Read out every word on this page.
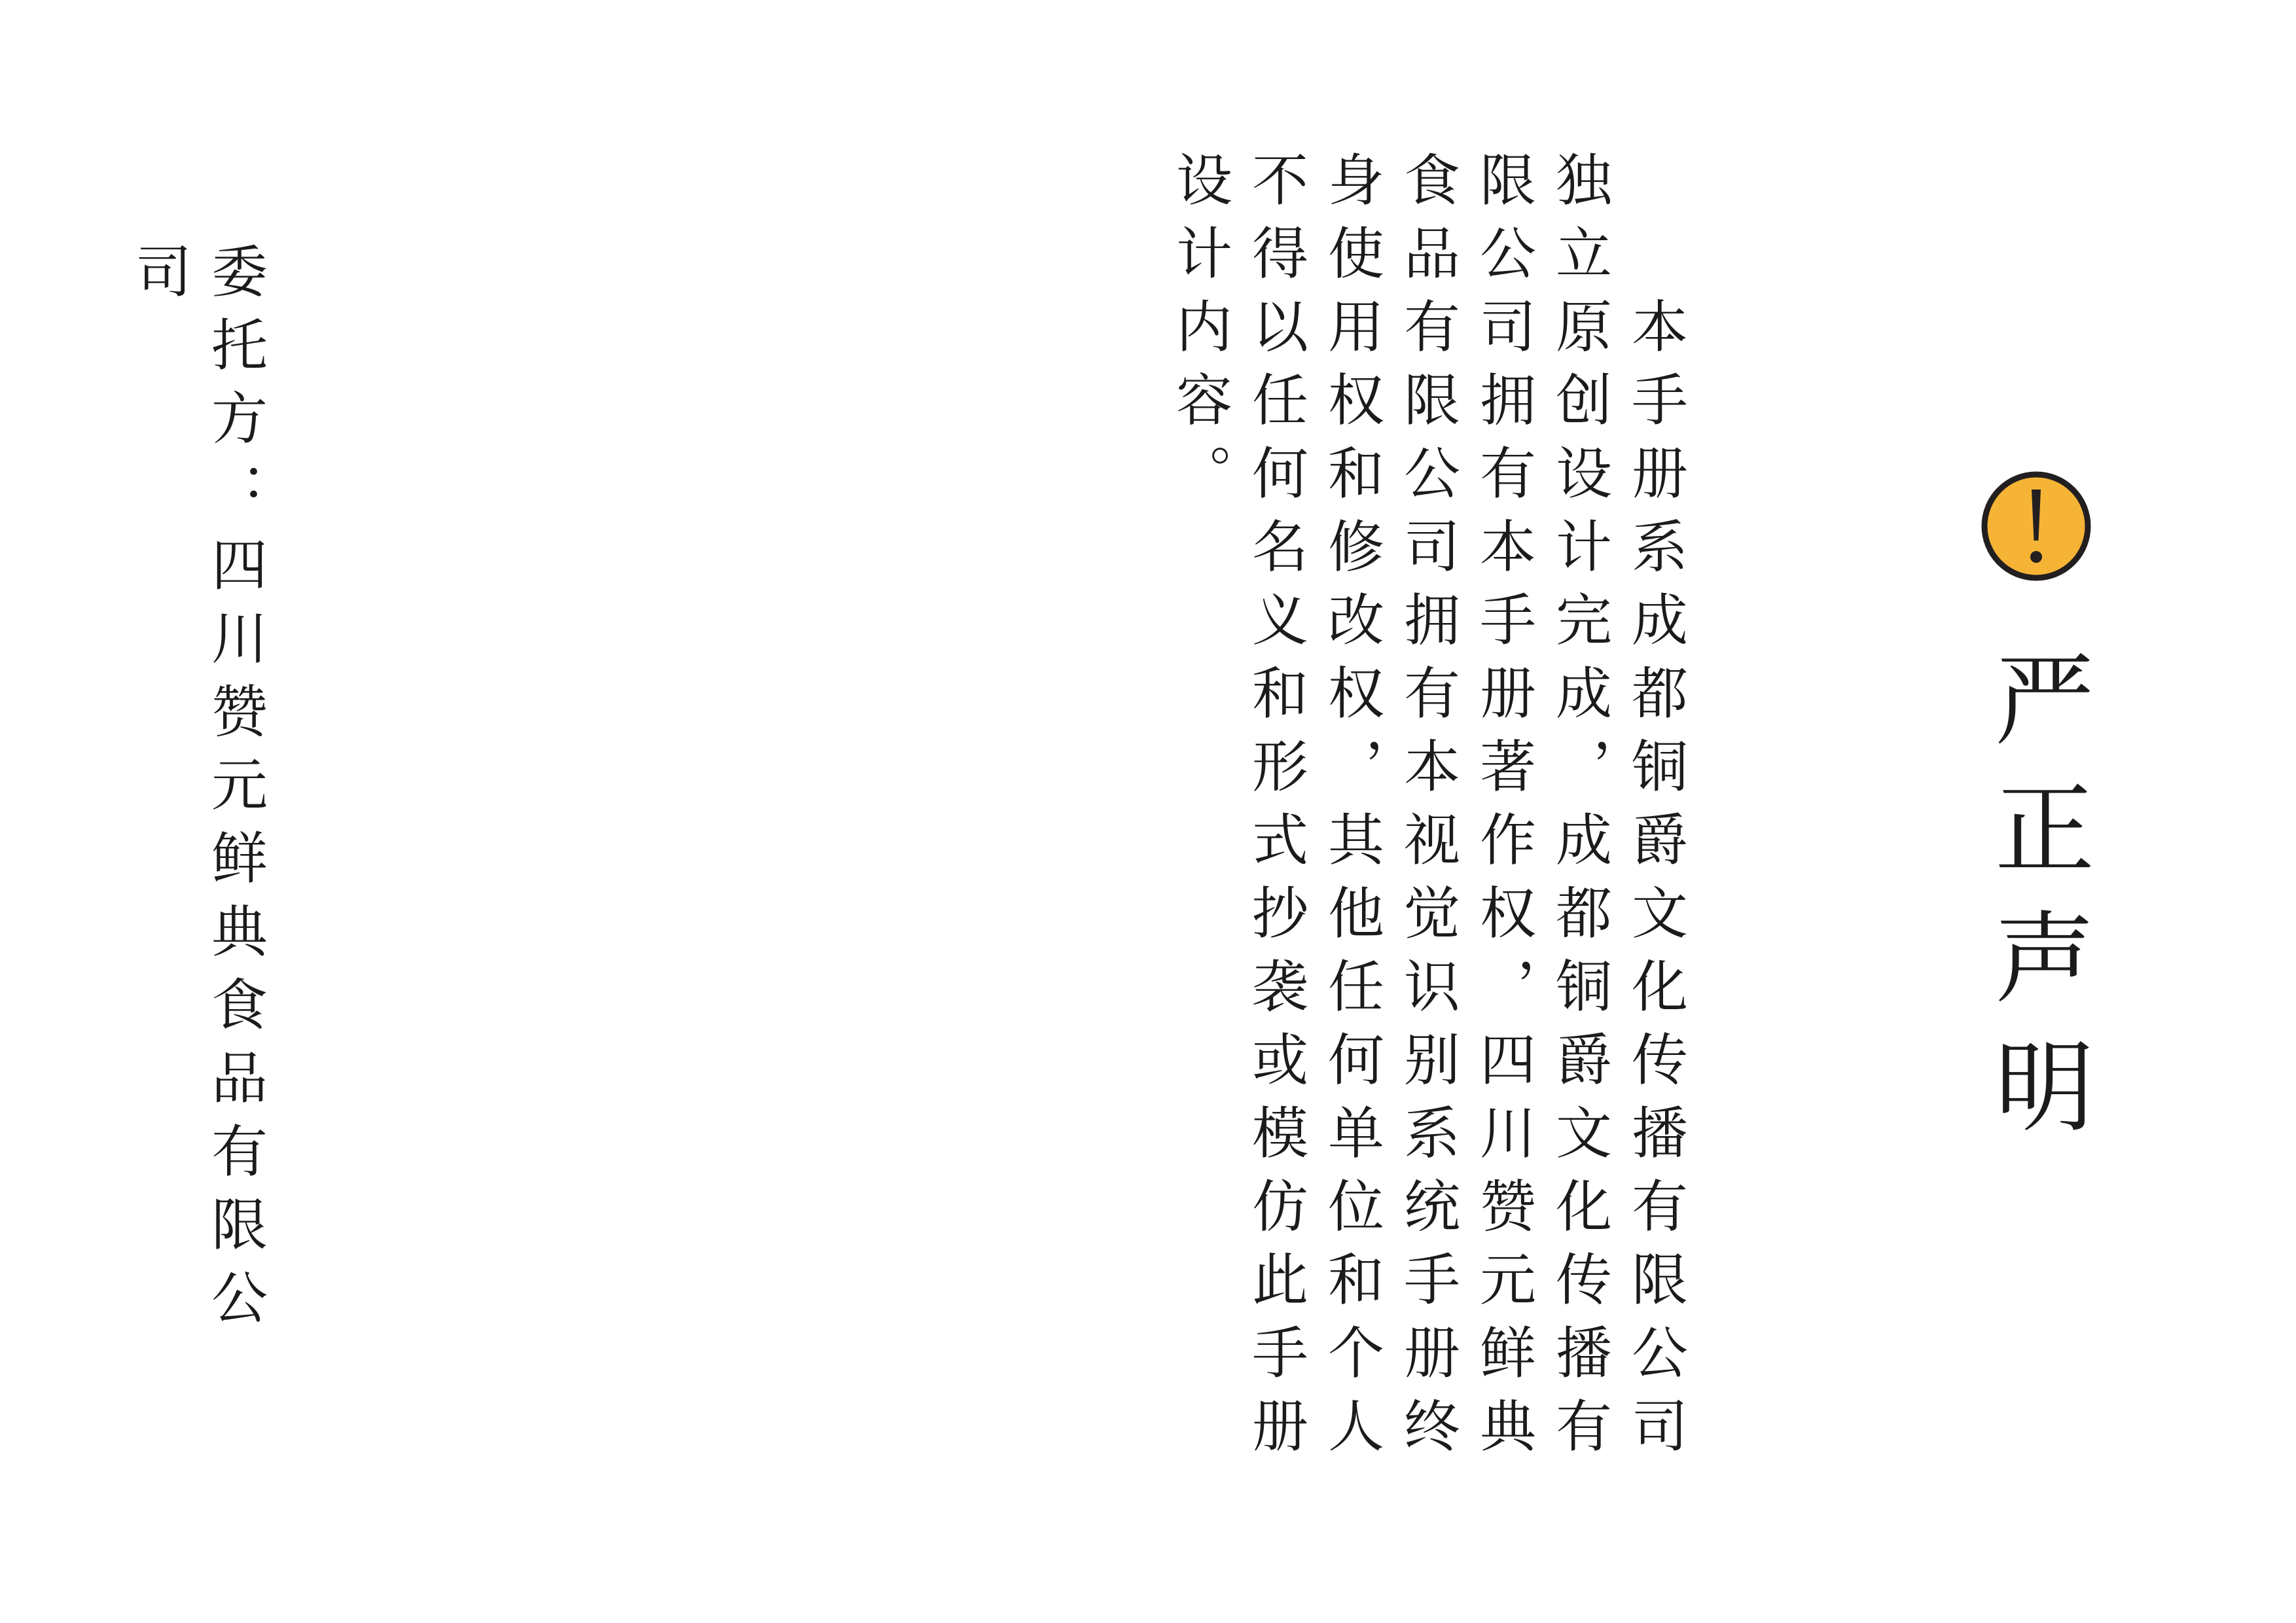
严正声明
本手册系成都铜爵文化传播有限公司独立原创设计完成，成都铜爵文化传播有限公司拥有本手册著作权，四川赞元鲜典食品有限公司拥有本视觉识别系统手册终身使用权和修改权，其他任何单位和个人不得以任何名义和形式抄袭或模仿此手册设计内容。

委托方：四川赞元鲜典食品有限公司
